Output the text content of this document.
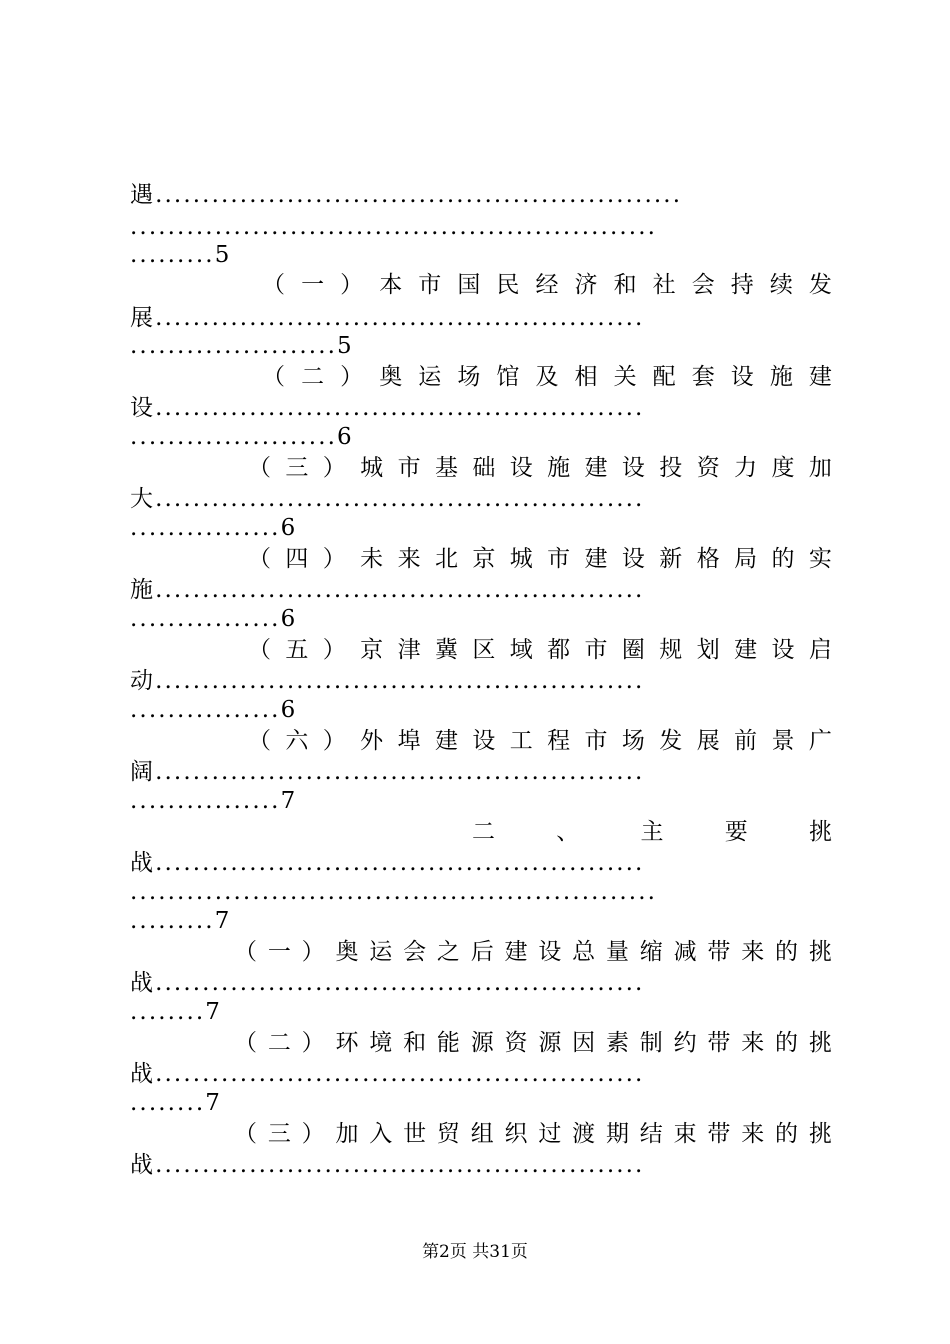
遇........................................................
........................................................
.........5
（ 一 ） 本 市 国 民 经 济 和 社 会 持 续 发
展....................................................
......................5
（ 二 ） 奥 运 场 馆 及 相 关 配 套 设 施 建
设....................................................
......................6
（ 三 ） 城 市 基 础 设 施 建 设 投 资 力 度 加
大....................................................
................6
（ 四 ） 未 来 北 京 城 市 建 设 新 格 局 的 实
施....................................................
................6
（ 五 ） 京 津 冀 区 域 都 市 圈 规 划 建 设 启
动....................................................
................6
（ 六 ） 外 埠 建 设 工 程 市 场 发 展 前 景 广
阔....................................................
................7
二	、	主	要	挑
战....................................................
........................................................
.........7
（ 一 ） 奥 运 会 之 后 建 设 总 量 缩 减 带 来 的 挑
战....................................................
........7
（ 二 ） 环 境 和 能 源 资 源 因 素 制 约 带 来 的 挑
战....................................................
........7
（ 三 ） 加 入 世 贸 组 织 过 渡 期 结 束 带 来 的 挑
战....................................................
第2页 共31页
